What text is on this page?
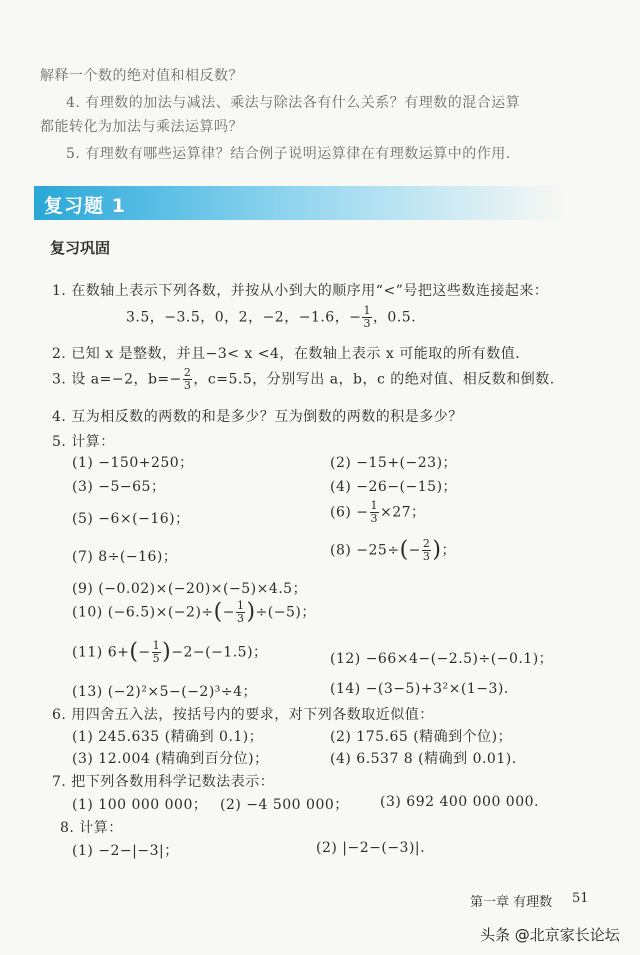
解释一个数的绝对值和相反数？
4. 有理数的加法与减法、乘法与除法各有什么关系？有理数的混合运算
都能转化为加法与乘法运算吗？
5. 有理数有哪些运算律？结合例子说明运算律在有理数运算中的作用.
复习题 1
复习巩固
1. 在数轴上表示下列各数，并按从小到大的顺序用“<”号把这些数连接起来：
3.5，−3.5，0，2，−2，−1.6，− $\frac{1}{3}$ ，0.5.
2. 已知 x 是整数，并且−3< x <4，在数轴上表示 x 可能取的所有数值.
3. 设 a=−2，$b=- \frac{2}{3}$ ，c=5.5，分别写出 a，b，c 的绝对值、相反数和倒数.
4. 互为相反数的两数的和是多少？互为倒数的两数的积是多少？
5. 计算：
(1) −150+250；	(2) −15+(−23)；
(3) −5−65；	(4) −26−(−15)；
(5) −6×(−16)；	$(6) - \frac{1}{3} \times 27$；
(7) 8÷(−16)；	$(8) -25\div(- \frac{2}{3}$ )；
(9) (−0.02)×(−20)×(−5)×4.5；
(10) $(-6.5)\times(-2)\div(- \frac{1}{3} )\div(-5)$；
(11) $6+(- \frac{1}{5} )-2-(-1.5)$；	(12) −66×4−(−2.5)÷(−0.1)；
(13) (−2)²×5−(−2)³÷4；	(14) −(3−5)+3²×(1−3).
6. 用四舍五入法，按括号内的要求，对下列各数取近似值：
(1) 245.635 (精确到 0.1)；	(2) 175.65 (精确到个位)；
(3) 12.004 (精确到百分位)；	(4) 6.537 8 (精确到 0.01).
7. 把下列各数用科学记数法表示：
(1) 100 000 000； (2) −4 500 000； (3) 692 400 000 000.
8. 计算：
(1) −2−|−3|；	(2) |−2−(−3)|.
第一章 有理数 51
头条 @北京家长论坛
